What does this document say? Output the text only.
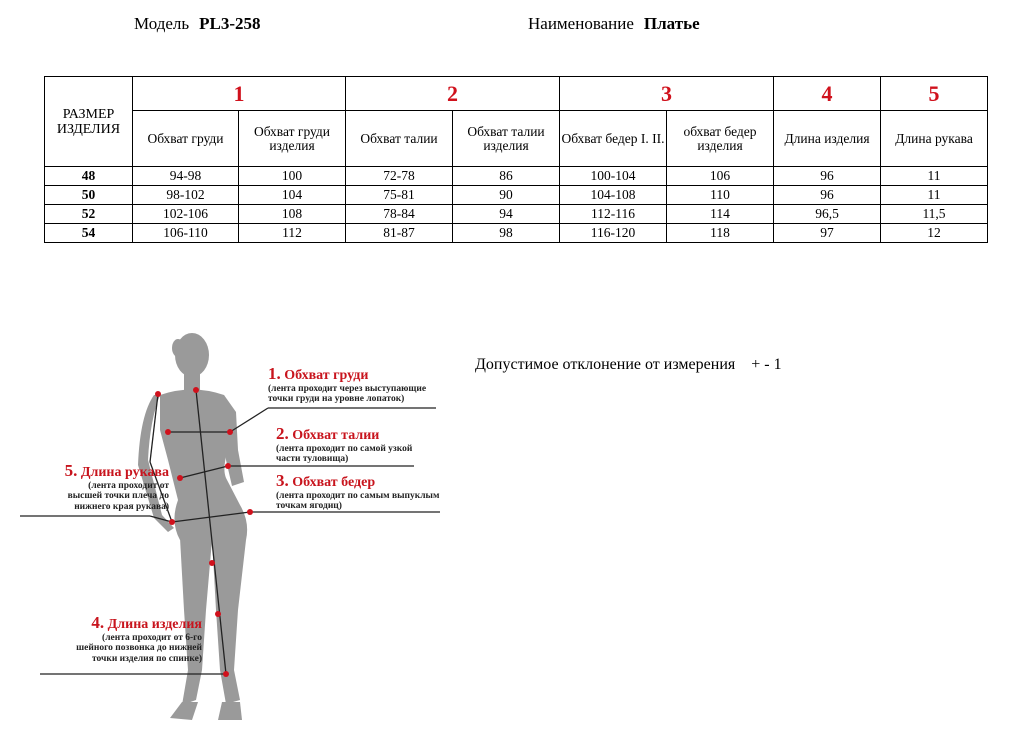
Модель PL3-258	Наименование Платье
РАЗМЕР ИЗДЕЛИЯ	1		2		3		4	5
	Обхват груди	Обхват груди изделия	Обхват талии	Обхват талии изделия	Обхват бедер I. II.	обхват бедер изделия	Длина изделия	Длина рукава
48	94-98	100	72-78	86	100-104	106	96	11
50	98-102	104	75-81	90	104-108	110	96	11
52	102-106	108	78-84	94	112-116	114	96,5	11,5
54	106-110	112	81-87	98	116-120	118	97	12
Допустимое отклонение от измерения + - 1
1. Обхват груди
(лента проходит через выступающие
точки груди на уровне лопаток)
2. Обхват талии
(лента проходит по самой узкой
части туловища)
3. Обхват бедер
(лента проходит по самым выпуклым
точкам ягодиц)
5. Длина рукава
(лента проходит от
высшей точки плеча до
нижнего края рукава)
4. Длина изделия
(лента проходит от 6-го
шейного позвонка до нижней
точки изделия по спинке)
